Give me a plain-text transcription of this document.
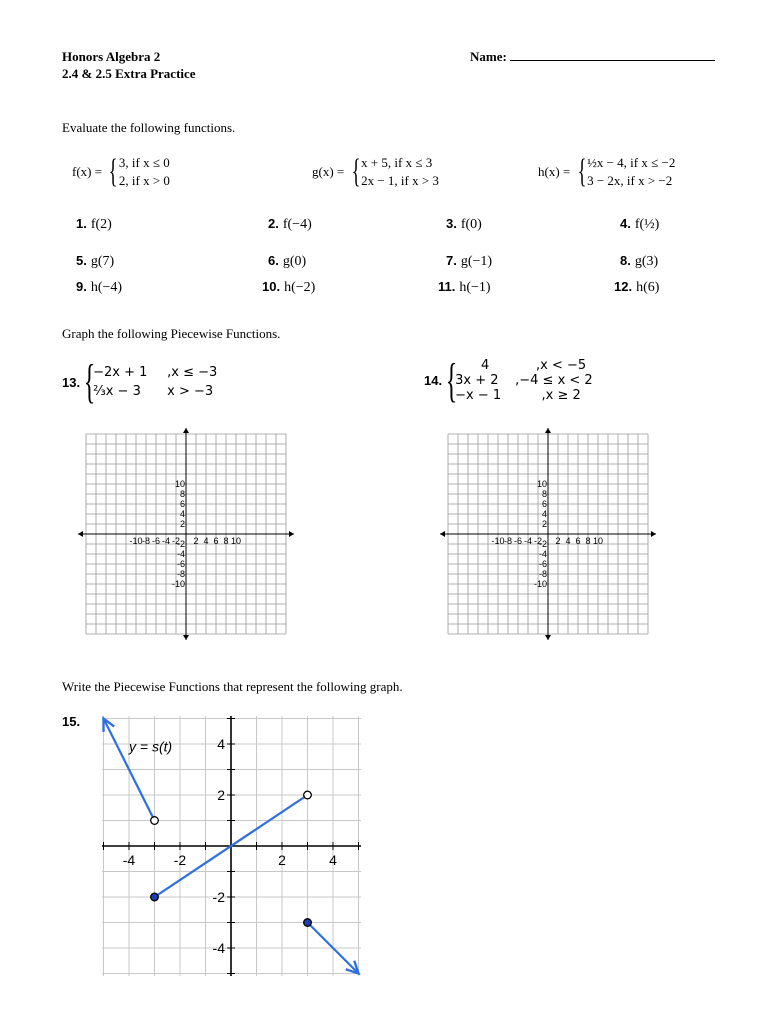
Honors Algebra 2
2.4 & 2.5 Extra Practice
Name:
Evaluate the following functions.
f(x) = { 3, if x ≤ 0
2, if x > 0
g(x) = { x + 5, if x ≤ 3
2x − 1, if x > 3
h(x) = { ½x − 4, if x ≤ −2
3 − 2x, if x > −2
1. f(2)	2. f(−4)	3. f(0)	4. f(½)
5. g(7)	6. g(0)	7. g(−1)	8. g(3)
9. h(−4)	10. h(−2)	11. h(−1)	12. h(6)
Graph the following Piecewise Functions.
13. {
−2x + 1	,x ≤ −3
⅔x − 3	x > −3
14. {	4	,x < −5
3x + 2	,−4 ≤ x < 2
−x − 1	,x ≥ 2
-10 -8 -6 -4 -2 2 4 6 8 10
10
8
6
4
2
-2
-4
-6
-8
-10
-10 -8 -6 -4 -2 2 4 6 8 10
10
8
6
4
2
-2
-4
-6
-8
-10
Write the Piecewise Functions that represent the following graph.
15.
-4	-2	2	4
4
2
-2
-4
y = s(t)
